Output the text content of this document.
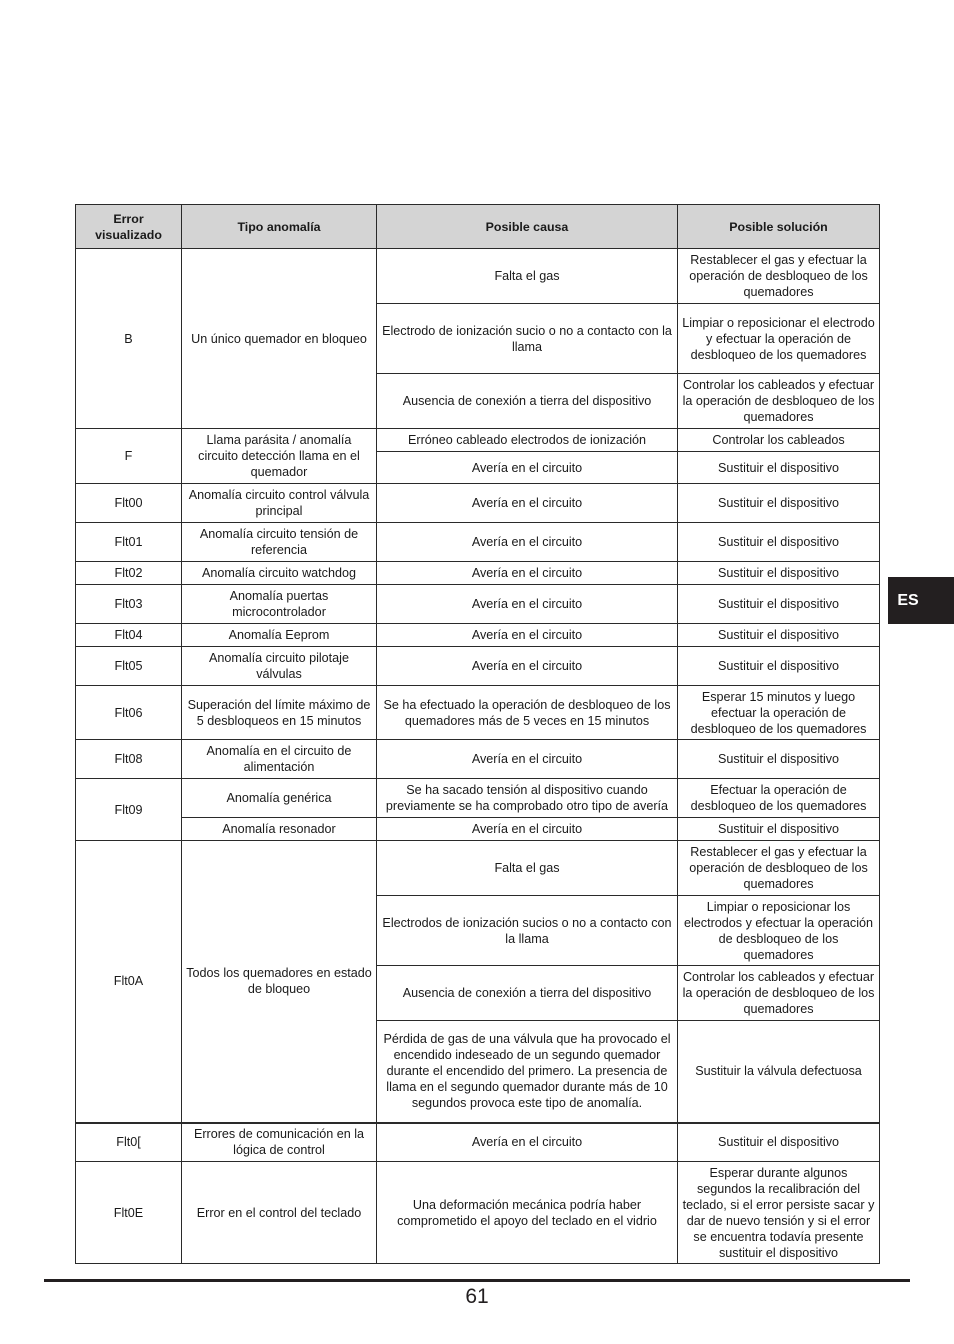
Error visualizado	Tipo anomalía	Posible causa	Posible solución
B	Un único quemador en bloqueo	Falta el gas	Restablecer el gas y efectuar la operación de desbloqueo de los quemadores
		Electrodo de ionización sucio o no a contacto con la llama	Limpiar o reposicionar el electrodo y efectuar la operación de desbloqueo de los quemadores
		Ausencia de conexión a tierra del dispositivo	Controlar los cableados y efectuar la operación de desbloqueo de los quemadores
F	Llama parásita / anomalía circuito detección llama en el quemador	Erróneo cableado electrodos de ionización	Controlar los cableados
		Avería en el circuito	Sustituir el dispositivo
Flt00	Anomalía circuito control válvula principal	Avería en el circuito	Sustituir el dispositivo
Flt01	Anomalía circuito tensión de referencia	Avería en el circuito	Sustituir el dispositivo
Flt02	Anomalía circuito watchdog	Avería en el circuito	Sustituir el dispositivo
Flt03	Anomalía puertas microcontrolador	Avería en el circuito	Sustituir el dispositivo
Flt04	Anomalía Eeprom	Avería en el circuito	Sustituir el dispositivo
Flt05	Anomalía circuito pilotaje válvulas	Avería en el circuito	Sustituir el dispositivo
Flt06	Superación del límite máximo de 5 desbloqueos en 15 minutos	Se ha efectuado la operación de desbloqueo de los quemadores más de 5 veces en 15 minutos	Esperar 15 minutos y luego efectuar la operación de desbloqueo de los quemadores
Flt08	Anomalía en el circuito de alimentación	Avería en el circuito	Sustituir el dispositivo
Flt09	Anomalía genérica	Se ha sacado tensión al dispositivo cuando previamente se ha comprobado otro tipo de avería	Efectuar la operación de desbloqueo de los quemadores
	Anomalía resonador	Avería en el circuito	Sustituir el dispositivo
Flt0A	Todos los quemadores en estado de bloqueo	Falta el gas	Restablecer el gas y efectuar la operación de desbloqueo de los quemadores
		Electrodos de ionización sucios o no a contacto con la llama	Limpiar o reposicionar los electrodos y efectuar la operación de desbloqueo de los quemadores
		Ausencia de conexión a tierra del dispositivo	Controlar los cableados y efectuar la operación de desbloqueo de los quemadores
		Pérdida de gas de una válvula que ha provocado el encendido indeseado de un segundo quemador durante el encendido del primero. La presencia de llama en el segundo quemador durante más de 10 segundos provoca este tipo de anomalía.	Sustituir la válvula defectuosa
Flt0[	Errores de comunicación en la lógica de control	Avería en el circuito	Sustituir el dispositivo
Flt0E	Error en el control del teclado	Una deformación mecánica podría haber comprometido el apoyo del teclado en el vidrio	Esperar durante algunos segundos la recalibración del teclado, si el error persiste sacar y dar de nuevo tensión y si el error se encuentra todavía presente sustituir el dispositivo
ES
61
